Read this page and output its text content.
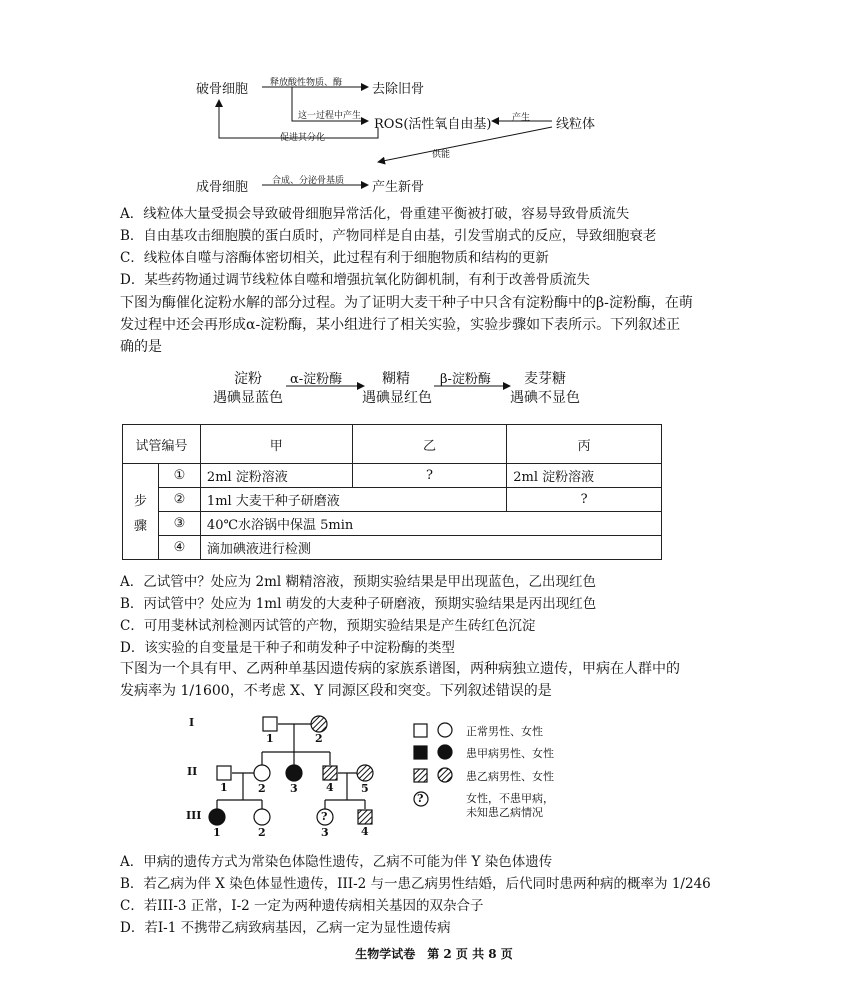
破骨细胞	去除旧骨
释放酸性物质、酶
这一过程中产生
ROS(活性氧自由基) 产生 线粒体
促进其分化
供能
成骨细胞	合成、分泌骨基质 产生新骨
A．线粒体大量受损会导致破骨细胞异常活化，骨重建平衡被打破，容易导致骨质流失
B．自由基攻击细胞膜的蛋白质时，产物同样是自由基，引发雪崩式的反应，导致细胞衰老
C．线粒体自噬与溶酶体密切相关，此过程有利于细胞物质和结构的更新
D．某些药物通过调节线粒体自噬和增强抗氧化防御机制，有利于改善骨质流失
下图为酶催化淀粉水解的部分过程。为了证明大麦干种子中只含有淀粉酶中的β-淀粉酶，在萌
发过程中还会再形成α-淀粉酶，某小组进行了相关实验，实验步骤如下表所示。下列叙述正
确的是
淀粉
遇碘显蓝色
α-淀粉酶	糊精
遇碘显红色
β-淀粉酶 麦芽糖
遇碘不显色
试管编号		甲	乙	丙

步
骤	①	2ml 淀粉溶液	?	2ml 淀粉溶液
	②	1ml 大麦干种子研磨液		?
	③	40℃水浴锅中保温 5min		
	④	滴加碘液进行检测		
A．乙试管中？处应为 2ml 糊精溶液，预期实验结果是甲出现蓝色，乙出现红色
B．丙试管中？处应为 1ml 萌发的大麦种子研磨液，预期实验结果是丙出现红色
C．可用斐林试剂检测丙试管的产物，预期实验结果是产生砖红色沉淀
D．该实验的自变量是干种子和萌发种子中淀粉酶的类型
下图为一个具有甲、乙两种单基因遗传病的家族系谱图，两种病独立遗传，甲病在人群中的
发病率为 1/1600，不考虑 X、Y 同源区段和突变。下列叙述错误的是
I
II
III
1	2
1	2 3	4 5
1	2	3	4
?
?
正常男性、女性
患甲病男性、女性
患乙病男性、女性
女性，不患甲病，
未知患乙病情况
A．甲病的遗传方式为常染色体隐性遗传，乙病不可能为伴 Y 染色体遗传
B．若乙病为伴 X 染色体显性遗传，III-2 与一患乙病男性结婚，后代同时患两种病的概率为 1/246
C．若III-3 正常，Ⅰ-2 一定为两种遗传病相关基因的双杂合子
D．若Ⅰ-1 不携带乙病致病基因，乙病一定为显性遗传病
生物学试卷　第 2 页 共 8 页
